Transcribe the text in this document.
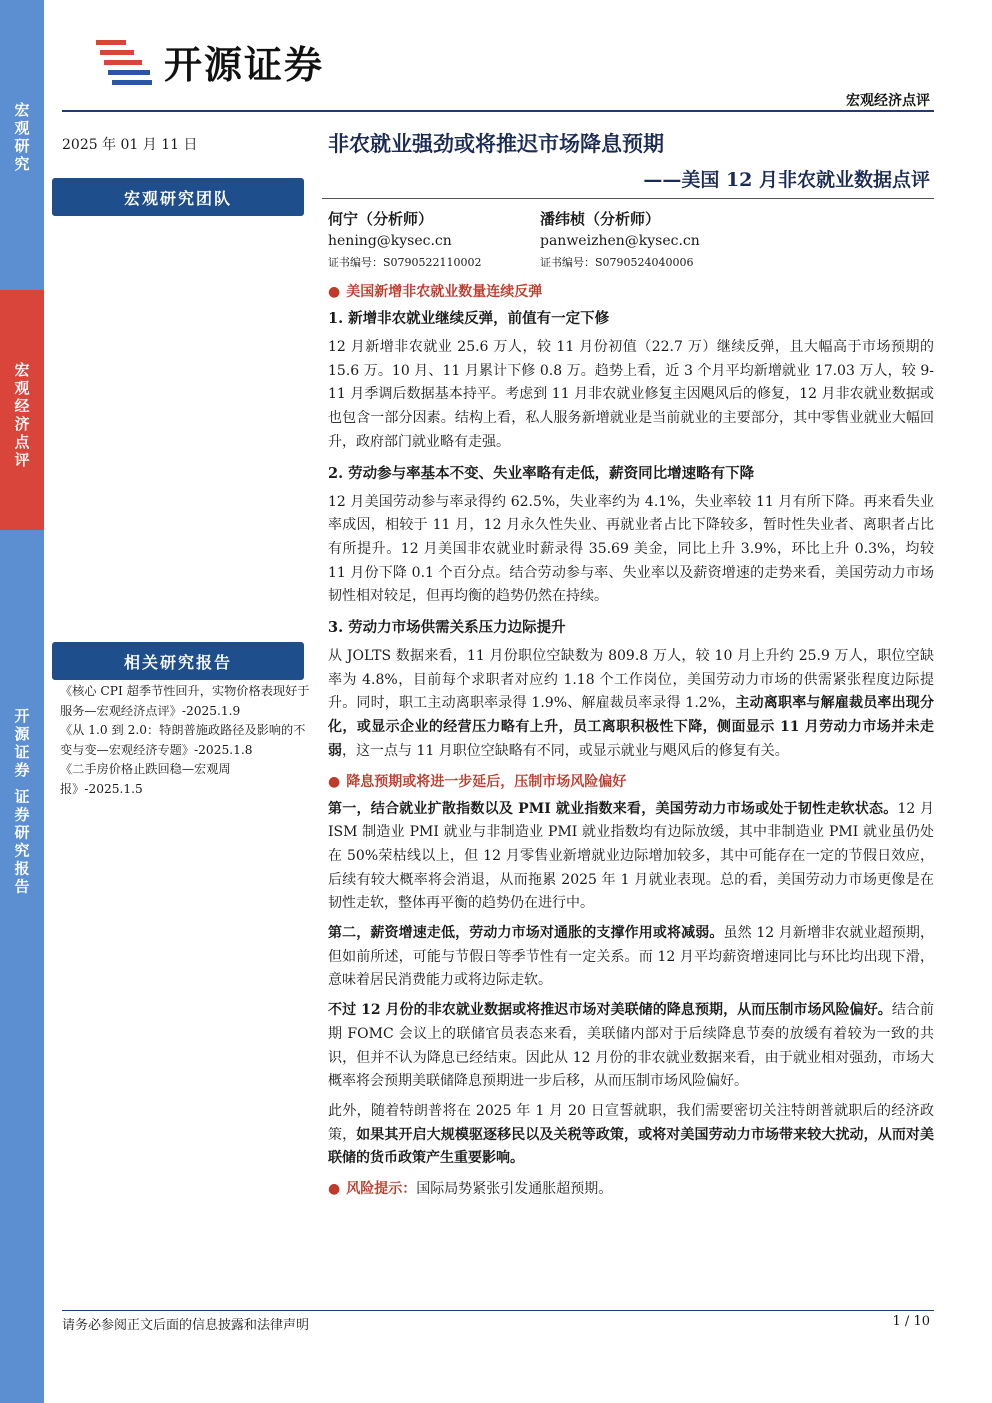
宏观研究
宏观经济点评
开源证券 证券研究报告
开源证券
宏观经济点评
2025 年 01 月 11 日	非农就业强劲或将推迟市场降息预期
——美国 12 月非农就业数据点评
宏观研究团队
何宁（分析师）
hening@kysec.cn
证书编号：S0790522110002
潘纬桢（分析师）
panweizhen@kysec.cn
证书编号：S0790524040006
相关研究报告
《核心 CPI 超季节性回升，实物价格表现好于服务—宏观经济点评》-2025.1.9
《从 1.0 到 2.0：特朗普施政路径及影响的不变与变—宏观经济专题》-2025.1.8
《二手房价格止跌回稳—宏观周报》-2025.1.5
● 美国新增非农就业数量连续反弹
1. 新增非农就业继续反弹，前值有一定下修
12 月新增非农就业 25.6 万人，较 11 月份初值（22.7 万）继续反弹，且大幅高于市场预期的 15.6 万。10 月、11 月累计下修 0.8 万。趋势上看，近 3 个月平均新增就业 17.03 万人，较 9-11 月季调后数据基本持平。考虑到 11 月非农就业修复主因飓风后的修复，12 月非农就业数据或也包含一部分因素。结构上看，私人服务新增就业是当前就业的主要部分，其中零售业就业大幅回升，政府部门就业略有走强。
2. 劳动参与率基本不变、失业率略有走低，薪资同比增速略有下降
12 月美国劳动参与率录得约 62.5%，失业率约为 4.1%，失业率较 11 月有所下降。再来看失业率成因，相较于 11 月，12 月永久性失业、再就业者占比下降较多，暂时性失业者、离职者占比有所提升。12 月美国非农就业时薪录得 35.69 美金，同比上升 3.9%，环比上升 0.3%，均较 11 月份下降 0.1 个百分点。结合劳动参与率、失业率以及薪资增速的走势来看，美国劳动力市场韧性相对较足，但再均衡的趋势仍然在持续。
3. 劳动力市场供需关系压力边际提升
从 JOLTS 数据来看，11 月份职位空缺数为 809.8 万人，较 10 月上升约 25.9 万人，职位空缺率为 4.8%，目前每个求职者对应约 1.18 个工作岗位，美国劳动力市场的供需紧张程度边际提升。同时，职工主动离职率录得 1.9%、解雇裁员率录得 1.2%，主动离职率与解雇裁员率出现分化，或显示企业的经营压力略有上升，员工离职积极性下降，侧面显示 11 月劳动力市场并未走弱，这一点与 11 月职位空缺略有不同，或显示就业与飓风后的修复有关。
● 降息预期或将进一步延后，压制市场风险偏好
第一，结合就业扩散指数以及 PMI 就业指数来看，美国劳动力市场或处于韧性走软状态。12 月 ISM 制造业 PMI 就业与非制造业 PMI 就业指数均有边际放缓，其中非制造业 PMI 就业虽仍处在 50%荣枯线以上，但 12 月零售业新增就业边际增加较多，其中可能存在一定的节假日效应，后续有较大概率将会消退，从而拖累 2025 年 1 月就业表现。总的看，美国劳动力市场更像是在韧性走软，整体再平衡的趋势仍在进行中。
第二，薪资增速走低，劳动力市场对通胀的支撑作用或将减弱。虽然 12 月新增非农就业超预期，但如前所述，可能与节假日等季节性有一定关系。而 12 月平均薪资增速同比与环比均出现下滑，意味着居民消费能力或将边际走软。
不过 12 月份的非农就业数据或将推迟市场对美联储的降息预期，从而压制市场风险偏好。结合前期 FOMC 会议上的联储官员表态来看，美联储内部对于后续降息节奏的放缓有着较为一致的共识，但并不认为降息已经结束。因此从 12 月份的非农就业数据来看，由于就业相对强劲，市场大概率将会预期美联储降息预期进一步后移，从而压制市场风险偏好。
此外，随着特朗普将在 2025 年 1 月 20 日宣誓就职，我们需要密切关注特朗普就职后的经济政策，如果其开启大规模驱逐移民以及关税等政策，或将对美国劳动力市场带来较大扰动，从而对美联储的货币政策产生重要影响。
● 风险提示：国际局势紧张引发通胀超预期。
请务必参阅正文后面的信息披露和法律声明	1 / 10
